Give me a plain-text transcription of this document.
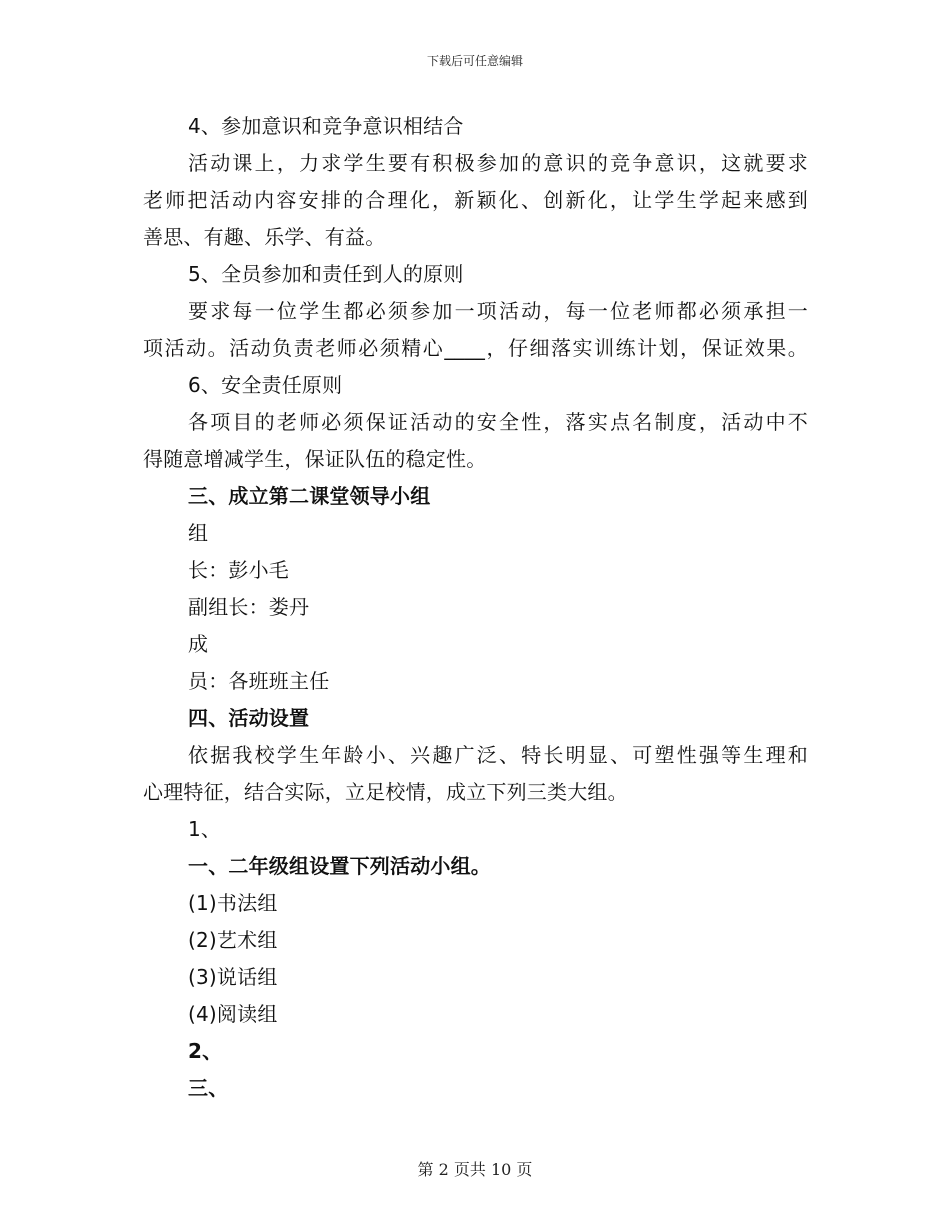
下载后可任意编辑
4、参加意识和竞争意识相结合
活动课上，力求学生要有积极参加的意识的竞争意识，这就要求
老师把活动内容安排的合理化，新颖化、创新化，让学生学起来感到
善思、有趣、乐学、有益。
5、全员参加和责任到人的原则
要求每一位学生都必须参加一项活动，每一位老师都必须承担一
项活动。活动负责老师必须精心____，仔细落实训练计划，保证效果。
6、安全责任原则
各项目的老师必须保证活动的安全性，落实点名制度，活动中不
得随意增减学生，保证队伍的稳定性。
三、成立第二课堂领导小组
组
长：彭小毛
副组长：娄丹
成
员：各班班主任
四、活动设置
依据我校学生年龄小、兴趣广泛、特长明显、可塑性强等生理和
心理特征，结合实际，立足校情，成立下列三类大组。
1、
一、二年级组设置下列活动小组。
(1)书法组
(2)艺术组
(3)说话组
(4)阅读组
2、
三、
第 2 页共 10 页
